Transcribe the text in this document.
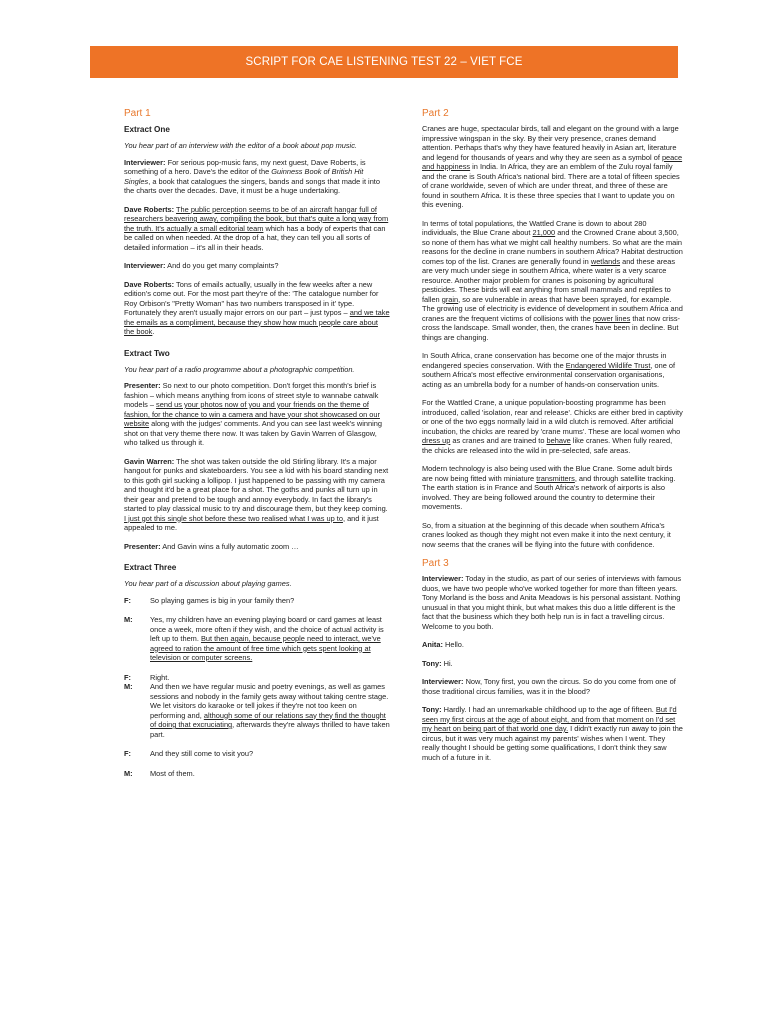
SCRIPT FOR CAE LISTENING TEST 22 – VIET FCE
Part 1
Extract One

You hear part of an interview with the editor of a book about pop music.

Interviewer: For serious pop-music fans, my next guest, Dave Roberts, is something of a hero. Dave's the editor of the Guinness Book of British Hit Singles, a book that catalogues the singers, bands and songs that made it into the charts over the decades. Dave, it must be a huge undertaking.

Dave Roberts: The public perception seems to be of an aircraft hangar full of researchers beavering away, compiling the book, but that's quite a long way from the truth. It's actually a small editorial team which has a body of experts that can be called on when needed. At the drop of a hat, they can tell you all sorts of detailed information – it's all in their heads.

Interviewer: And do you get many complaints?

Dave Roberts: Tons of emails actually, usually in the few weeks after a new edition's come out. For the most part they're of the: 'The catalogue number for Roy Orbison's "Pretty Woman" has two numbers transposed in it' type. Fortunately they aren't usually major errors on our part – just typos – and we take the emails as a compliment, because they show how much people care about the book.

Extract Two

You hear part of a radio programme about a photographic competition.

Presenter: So next to our photo competition. Don't forget this month's brief is fashion – which means anything from icons of street style to wannabe catwalk models – send us your photos now of you and your friends on the theme of fashion, for the chance to win a camera and have your shot showcased on our website along with the judges' comments. And you can see last week's winning shot on that very theme there now. It was taken by Gavin Warren of Glasgow, who talked us through it.

Gavin Warren: The shot was taken outside the old Stirling library. It's a major hangout for punks and skateboarders. You see a kid with his board standing next to this goth girl sucking a lollipop. I just happened to be passing with my camera and thought it'd be a great place for a shot. The goths and punks all turn up in their gear and pretend to be tough and annoy everybody. In fact the library's started to play classical music to try and discourage them, but they keep coming. I just got this single shot before these two realised what I was up to, and it just appealed to me.

Presenter: And Gavin wins a fully automatic zoom …

Extract Three

You hear part of a discussion about playing games.

F:	So playing games is big in your family then?
M:	Yes, my children have an evening playing board or card games at least once a week, more often if they wish, and the choice of actual activity is left up to them. But then again, because people need to interact, we've agreed to ration the amount of free time which gets spent looking at television or computer screens.
F:	Right.
M:	And then we have regular music and poetry evenings, as well as games sessions and nobody in the family gets away without taking centre stage. We let visitors do karaoke or tell jokes if they're not too keen on performing and, although some of our relations say they find the thought of doing that excruciating, afterwards they're always thrilled to have taken part.
F:	And they still come to visit you?
M:	Most of them.
Part 2

Cranes are huge, spectacular birds, tall and elegant on the ground with a large impressive wingspan in the sky. By their very presence, cranes demand attention. Perhaps that's why they have featured heavily in Asian art, literature and legend for thousands of years and why they are seen as a symbol of peace and happiness in India. In Africa, they are an emblem of the Zulu royal family and the crane is South Africa's national bird. There are a total of fifteen species of crane worldwide, seven of which are under threat, and three of these are found in southern Africa. It is these three species that I want to update you on this evening.

In terms of total populations, the Wattled Crane is down to about 280 individuals, the Blue Crane about 21,000 and the Crowned Crane about 3,500, so none of them has what we might call healthy numbers. So what are the main reasons for the decline in crane numbers in southern Africa? Habitat destruction comes top of the list. Cranes are generally found in wetlands and these areas are very much under siege in southern Africa, where water is a very scarce resource. Another major problem for cranes is poisoning by agricultural pesticides. These birds will eat anything from small mammals and reptiles to fallen grain, so are vulnerable in areas that have been sprayed, for example. The growing use of electricity is evidence of development in southern Africa and cranes are the frequent victims of collisions with the power lines that now criss-cross the landscape. Small wonder, then, the cranes have been in decline. But things are changing.

In South Africa, crane conservation has become one of the major thrusts in endangered species conservation. With the Endangered Wildlife Trust, one of southern Africa's most effective environmental conservation organisations, acting as an umbrella body for a number of hands-on conservation units.

For the Wattled Crane, a unique population-boosting programme has been introduced, called 'isolation, rear and release'. Chicks are either bred in captivity or one of the two eggs normally laid in a wild clutch is removed. After artificial incubation, the chicks are reared by 'crane mums'. These are local women who dress up as cranes and are trained to behave like cranes. When fully reared, the chicks are released into the wild in pre-selected, safe areas.

Modern technology is also being used with the Blue Crane. Some adult birds are now being fitted with miniature transmitters, and through satellite tracking. The earth station is in France and South Africa's network of airports is also involved. They are being followed around the country to determine their movements.

So, from a situation at the beginning of this decade when southern Africa's cranes looked as though they might not even make it into the next century, it now seems that the cranes will be flying into the future with confidence.

Part 3

Interviewer: Today in the studio, as part of our series of interviews with famous duos, we have two people who've worked together for more than fifteen years. Tony Morland is the boss and Anita Meadows is his personal assistant. Nothing unusual in that you might think, but what makes this duo a little different is the fact that the business which they both help run is in fact a travelling circus. Welcome to you both.

Anita: Hello.

Tony: Hi.

Interviewer: Now, Tony first, you own the circus. So do you come from one of those traditional circus families, was it in the blood?

Tony: Hardly. I had an unremarkable childhood up to the age of fifteen. But I'd seen my first circus at the age of about eight, and from that moment on I'd set my heart on being part of that world one day. I didn't exactly run away to join the circus, but it was very much against my parents' wishes when I went. They really thought I should be getting some qualifications, I don't think they saw much of a future in it.
